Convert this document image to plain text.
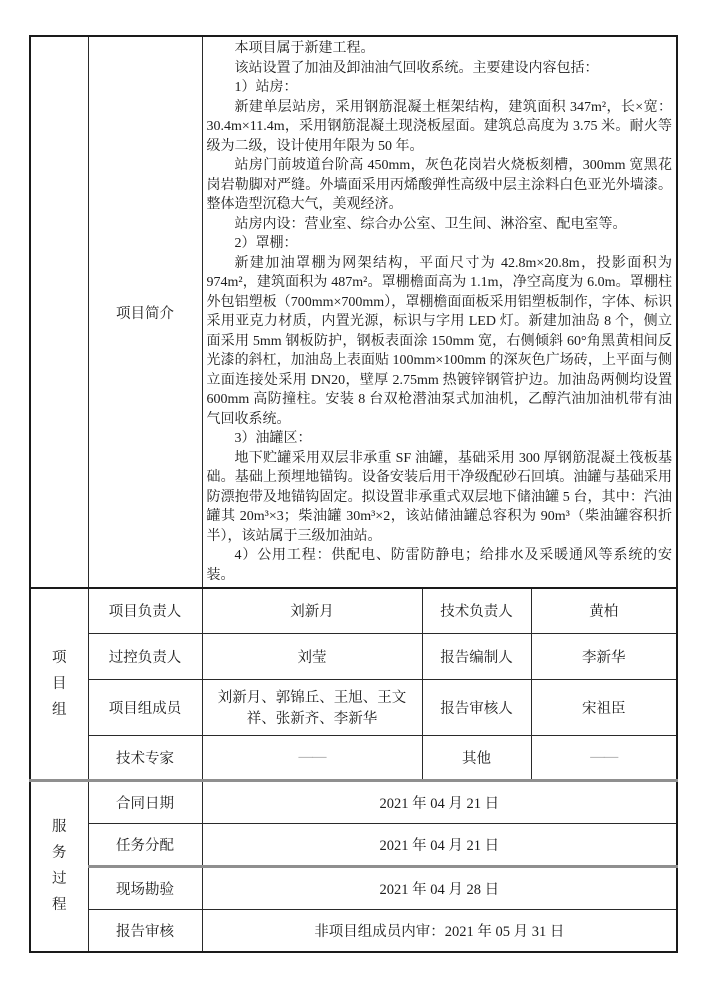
	项目简介	

本项目属于新建工程。

该站设置了加油及卸油油气回收系统。主要建设内容包括：

1）站房：

新建单层站房，采用钢筋混凝土框架结构，建筑面积 347m²，长×宽：30.4m×11.4m，采用钢筋混凝土现浇板屋面。建筑总高度为 3.75 米。耐火等级为二级，设计使用年限为 50 年。

站房门前坡道台阶高 450mm，灰色花岗岩火烧板刻槽，300mm 宽黑花岗岩勒脚对严缝。外墙面采用丙烯酸弹性高级中层主涂料白色亚光外墙漆。整体造型沉稳大气，美观经济。

站房内设：营业室、综合办公室、卫生间、淋浴室、配电室等。

2）罩棚：

新建加油罩棚为网架结构，平面尺寸为 42.8m×20.8m，投影面积为 974m²，建筑面积为 487m²。罩棚檐面高为 1.1m，净空高度为 6.0m。罩棚柱外包铝塑板（700mm×700mm），罩棚檐面面板采用铝塑板制作，字体、标识采用亚克力材质，内置光源，标识与字用 LED 灯。新建加油岛 8 个，侧立面采用 5mm 钢板防护，钢板表面涂 150mm 宽，右侧倾斜 60°角黑黄相间反光漆的斜杠，加油岛上表面贴 100mm×100mm 的深灰色广场砖，上平面与侧立面连接处采用 DN20，壁厚 2.75mm 热镀锌钢管护边。加油岛两侧均设置 600mm 高防撞柱。安装 8 台双枪潜油泵式加油机，乙醇汽油加油机带有油气回收系统。

3）油罐区：

地下贮罐采用双层非承重 SF 油罐，基础采用 300 厚钢筋混凝土筏板基础。基础上预埋地锚钩。设备安装后用干净级配砂石回填。油罐与基础采用防漂抱带及地锚钩固定。拟设置非承重式双层地下储油罐 5 台，其中：汽油罐其 20m³×3；柴油罐 30m³×2，该站储油罐总容积为 90m³（柴油罐容积折半），该站属于三级加油站。

4）公用工程：供配电、防雷防静电；给排水及采暖通风等系统的安装。

项目组	项目负责人	刘新月	技术负责人	黄柏
	过控负责人	刘莹	报告编制人	李新华
	项目组成员	刘新月、郭锦丘、王旭、王文祥、张新齐、李新华	报告审核人	宋祖臣
	技术专家	——	其他	——

服务过程	合同日期	2021 年 04 月 21 日		
	任务分配	2021 年 04 月 21 日		
	现场勘验	2021 年 04 月 28 日		
	报告审核	非项目组成员内审：2021 年 05 月 31 日		
